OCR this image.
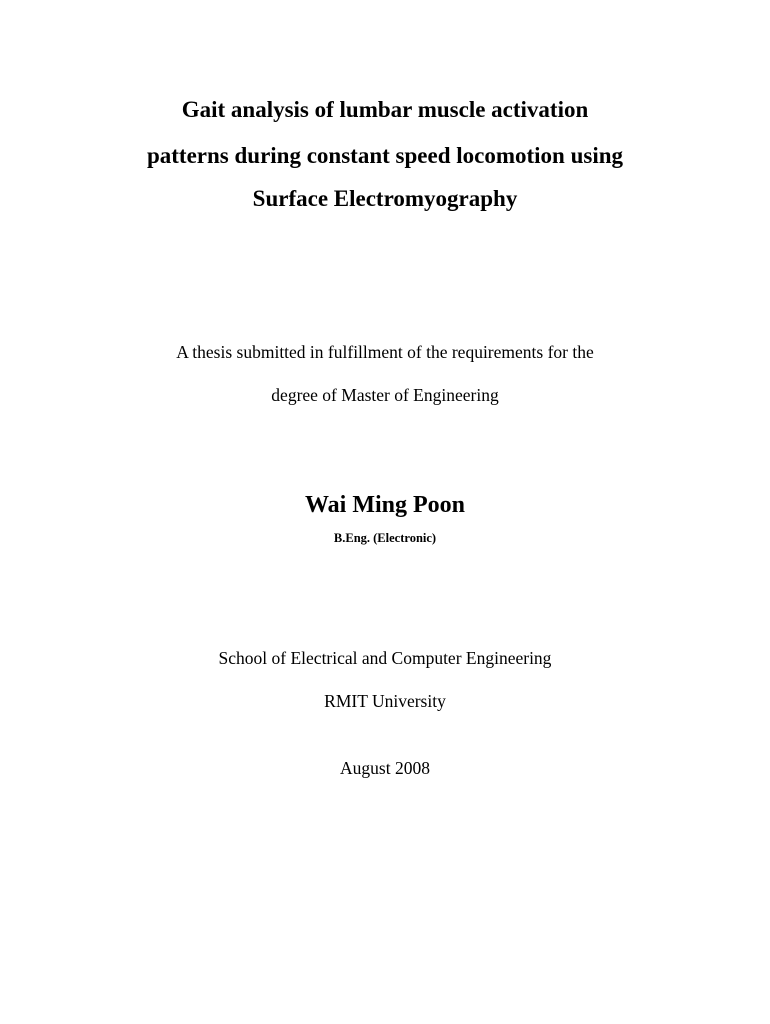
Gait analysis of lumbar muscle activation
patterns during constant speed locomotion using
Surface Electromyography
A thesis submitted in fulfillment of the requirements for the
degree of Master of Engineering
Wai Ming Poon
B.Eng. (Electronic)
School of Electrical and Computer Engineering
RMIT University
August 2008
